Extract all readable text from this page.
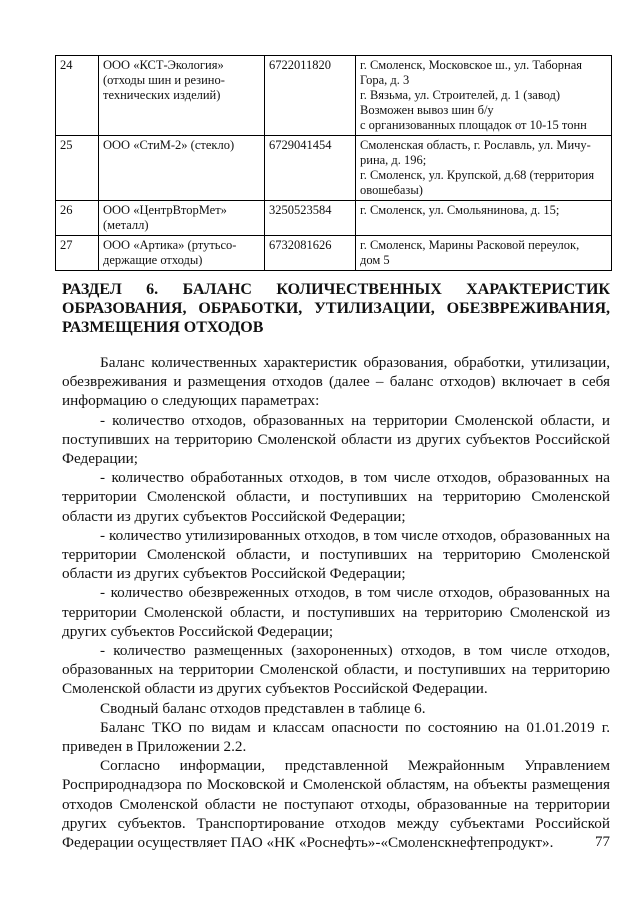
24	ООО «КСТ-Экология»
(отходы шин и резино-
технических изделий)	6722011820	г. Смоленск, Московское ш., ул. Таборная
Гора, д. 3
г. Вязьма, ул. Строителей, д. 1 (завод)
Возможен вывоз шин б/у
с организованных площадок от 10-15 тонн

25	ООО «СтиМ-2» (стекло)	6729041454	Смоленская область, г. Рославль, ул. Мичу-
рина, д. 196;
г. Смоленск, ул. Крупской, д.68 (территория
овошебазы)

26	ООО «ЦентрВторМет»
(металл)	3250523584	г. Смоленск, ул. Смольянинова, д. 15;

27	ООО «Артика» (ртутьсо-
держащие отходы)	6732081626	г. Смоленск, Марины Расковой переулок,
дом 5
РАЗДЕЛ 6. БАЛАНС КОЛИЧЕСТВЕННЫХ ХАРАКТЕРИСТИК ОБРАЗОВАНИЯ, ОБРАБОТКИ, УТИЛИЗАЦИИ, ОБЕЗВРЕЖИВАНИЯ, РАЗМЕЩЕНИЯ ОТХОДОВ

Баланс количественных характеристик образования, обработки, утилизации, обезвреживания и размещения отходов (далее – баланс отходов) включает в себя информацию о следующих параметрах:

- количество отходов, образованных на территории Смоленской области, и поступивших на территорию Смоленской области из других субъектов Российской Федерации;

- количество обработанных отходов, в том числе отходов, образованных на территории Смоленской области, и поступивших на территорию Смоленской области из других субъектов Российской Федерации;

- количество утилизированных отходов, в том числе отходов, образованных на территории Смоленской области, и поступивших на территорию Смоленской области из других субъектов Российской Федерации;

- количество обезвреженных отходов, в том числе отходов, образованных на территории Смоленской области, и поступивших на территорию Смоленской из других субъектов Российской Федерации;

- количество размещенных (захороненных) отходов, в том числе отходов, образованных на территории Смоленской области, и поступивших на территорию Смоленской области из других субъектов Российской Федерации.

Сводный баланс отходов представлен в таблице 6.

Баланс ТКО по видам и классам опасности по состоянию на 01.01.2019 г. приведен в Приложении 2.2.

Согласно информации, представленной Межрайонным Управлением Росприроднадзора по Московской и Смоленской областям, на объекты размещения отходов Смоленской области не поступают отходы, образованные на территории других субъектов. Транспортирование отходов между субъектами Российской Федерации осуществляет ПАО «НК «Роснефть»-«Смоленскнефтепродукт».	77
